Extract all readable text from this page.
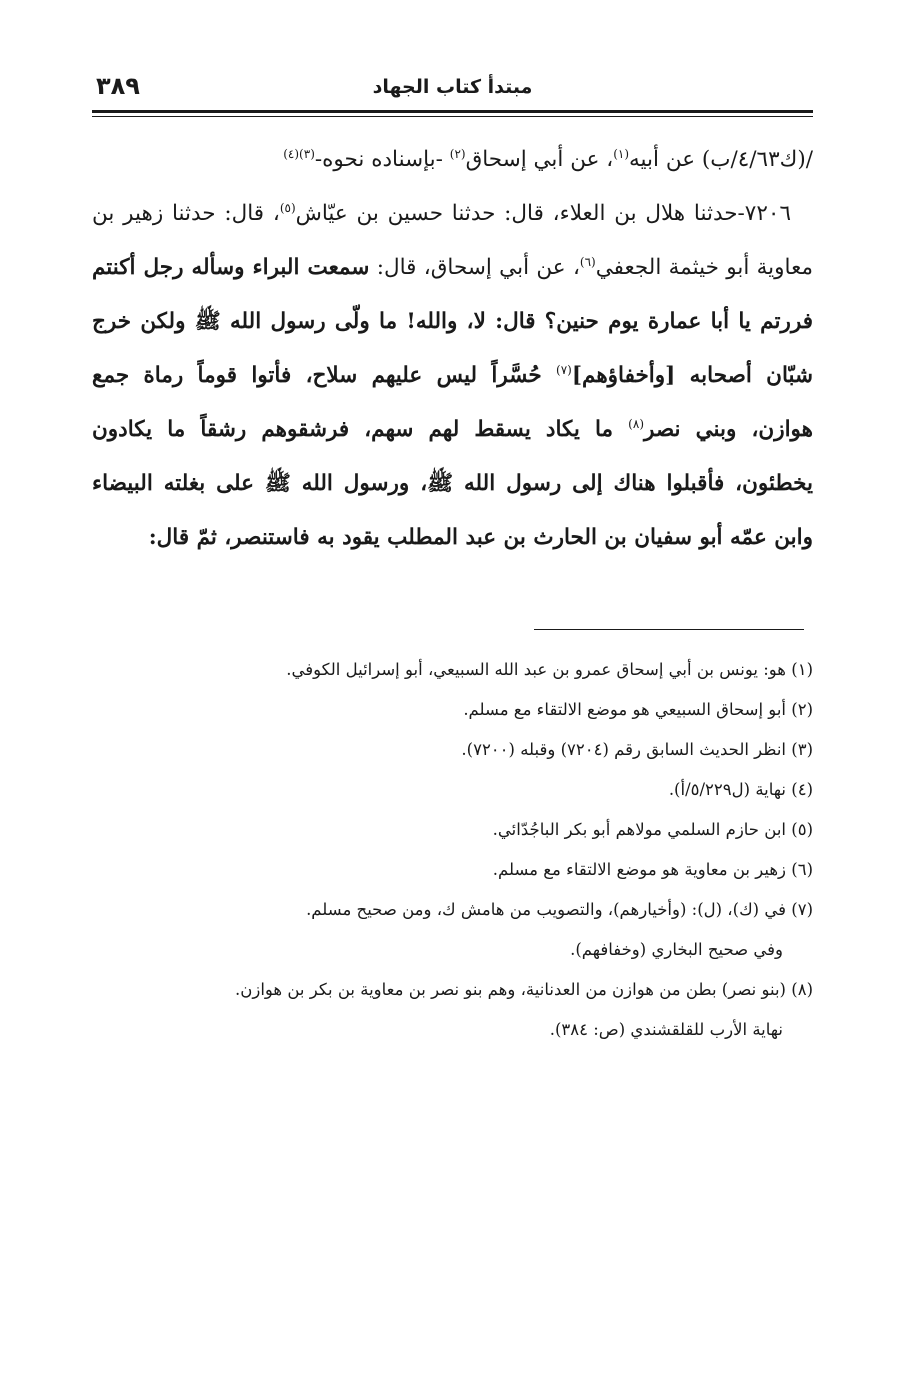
مبتدأ كتاب الجهاد
٣٨٩

/(ك٤/٦٣/ب) عن أبيه$^{(١)}$، عن أبي إسحاق$^{(٢)}$ -بإسناده نحوه-$^{(٣)(٤)}$

٧٢٠٦-حدثنا هلال بن العلاء، قال: حدثنا حسين بن عيّاش$^{(٥)}$، قال: حدثنا زهير بن معاوية أبو خيثمة الجعفي$^{(٦)}$، عن أبي إسحاق، قال: سمعت البراء وسأله رجل أكنتم فررتم يا أبا عمارة يوم حنين؟ قال: لا، والله! ما ولّى رسول الله ﷺ ولكن خرج شبّان أصحابه [وأخفاؤهم]$^{(٧)}$ حُسَّراً ليس عليهم سلاح، فأتوا قوماً رماة جمع هوازن، وبني نصر$^{(٨)}$ ما يكاد يسقط لهم سهم، فرشقوهم رشقاً ما يكادون يخطئون، فأقبلوا هناك إلى رسول الله ﷺ، ورسول الله ﷺ على بغلته البيضاء وابن عمّه أبو سفيان بن الحارث بن عبد المطلب يقود به فاستنصر، ثمّ قال:

(١) هو: يونس بن أبي إسحاق عمرو بن عبد الله السبيعي، أبو إسرائيل الكوفي.

(٢) أبو إسحاق السبيعي هو موضع الالتقاء مع مسلم.

(٣) انظر الحديث السابق رقم (٧٢٠٤) وقبله (٧٢٠٠).

(٤) نهاية (ل٥/٢٢٩/أ).

(٥) ابن حازم السلمي مولاهم أبو بكر الباجُدّائي.

(٦) زهير بن معاوية هو موضع الالتقاء مع مسلم.

(٧) في (ك)، (ل): (وأخيارهم)، والتصويب من هامش ك، ومن صحيح مسلم.

وفي صحيح البخاري (وخفافهم).

(٨) (بنو نصر) بطن من هوازن من العدنانية، وهم بنو نصر بن معاوية بن بكر بن هوازن.

نهاية الأرب للقلقشندي (ص: ٣٨٤).
